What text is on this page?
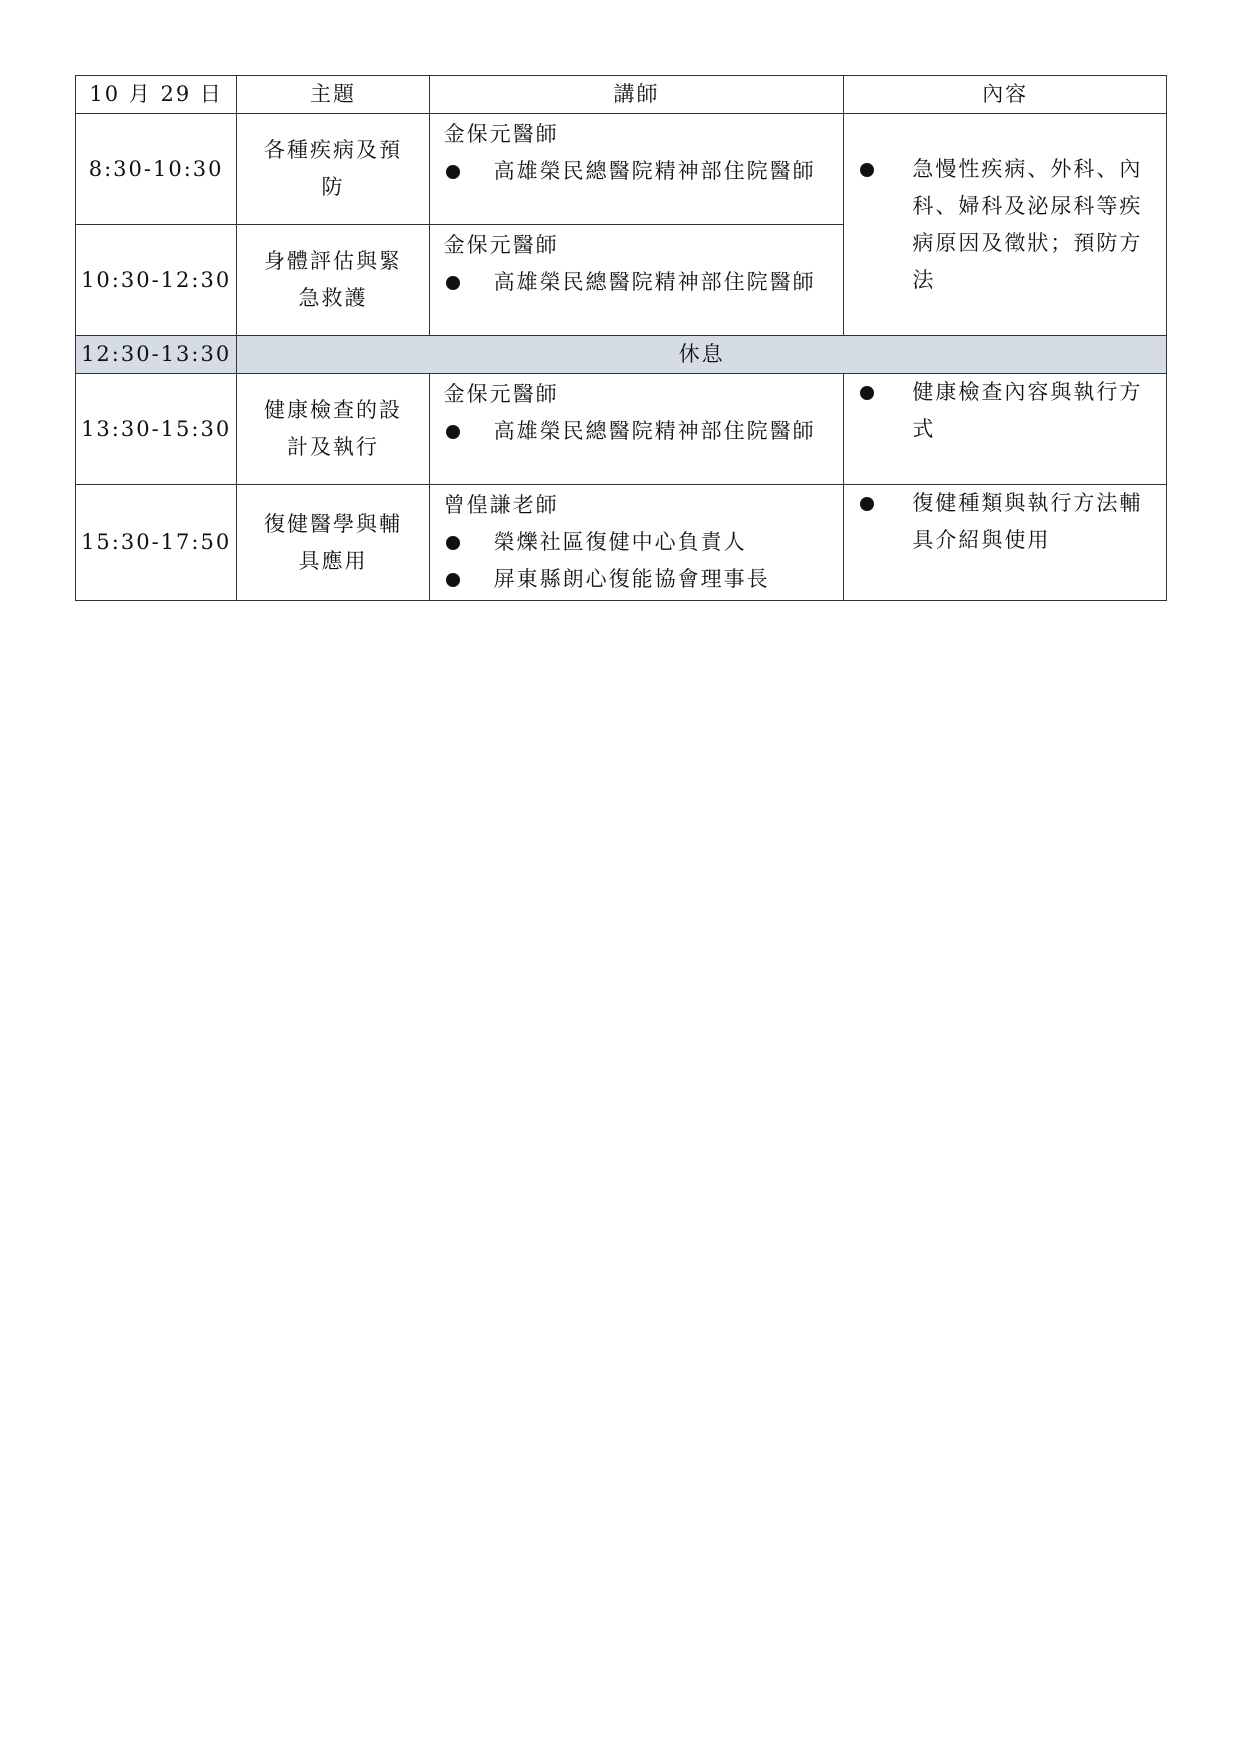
10 月 29 日	主題	講師	內容
8:30-10:30	各種疾病及預防	金保元醫師
高雄榮民總醫院精神部住院醫師	急慢性疾病、外科、內科、婦科及泌尿科等疾病原因及徵狀；預防方法

10:30-12:30	身體評估與緊急救護	金保元醫師
高雄榮民總醫院精神部住院醫師	

12:30-13:30	休息		
13:30-15:30	健康檢查的設計及執行	金保元醫師
高雄榮民總醫院精神部住院醫師	健康檢查內容與執行方式

15:30-17:50	復健醫學與輔具應用	曾偟謙老師
榮爍社區復健中心負責人
屏東縣朗心復能協會理事長	復健種類與執行方法輔具介紹與使用
